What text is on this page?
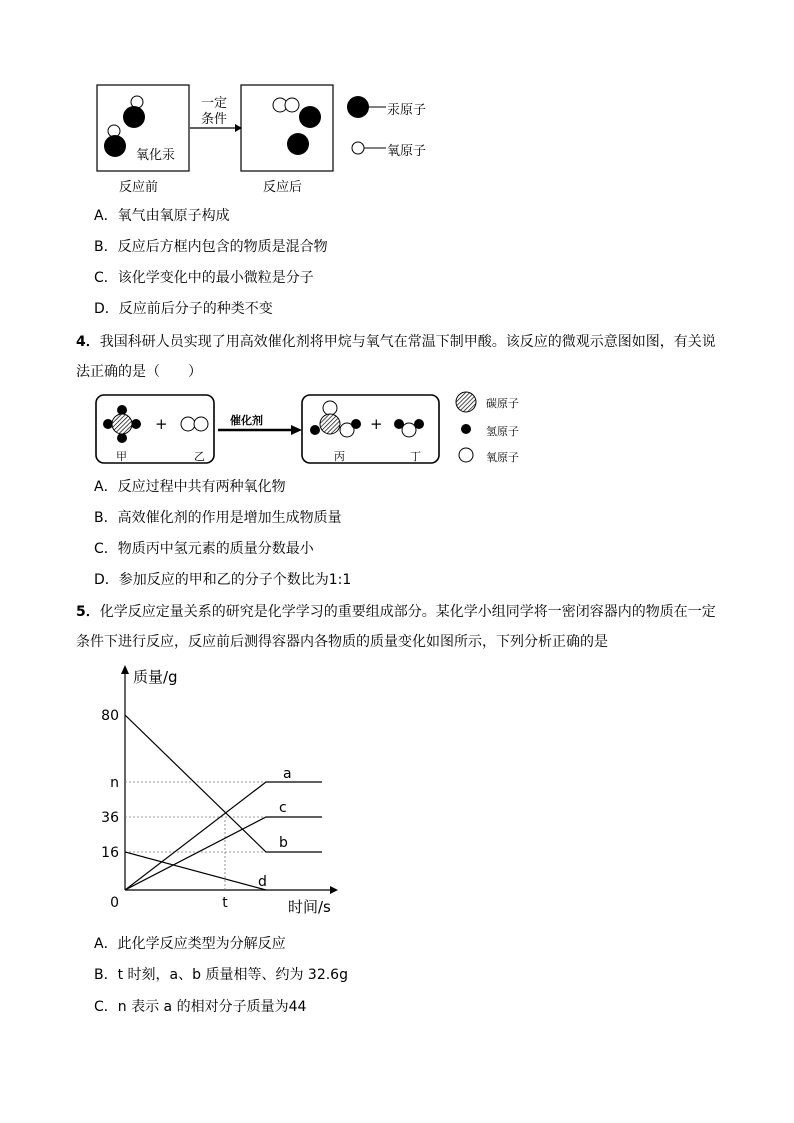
氧化汞
一定
条件
汞原子
氧原子
反应前	反应后
A．氧气由氧原子构成
B．反应后方框内包含的物质是混合物
C．该化学变化中的最小微粒是分子
D．反应前后分子的种类不变
4．我国科研人员实现了用高效催化剂将甲烷与氧气在常温下制甲酸。该反应的微观示意图如图，有关说法正确的是（　　）
催化剂
+	+
甲	乙	丙	丁
碳原子
氢原子
氧原子
A．反应过程中共有两种氧化物
B．高效催化剂的作用是增加生成物质量
C．物质丙中氢元素的质量分数最小
D．参加反应的甲和乙的分子个数比为1:1
5．化学反应定量关系的研究是化学学习的重要组成部分。某化学小组同学将一密闭容器内的物质在一定条件下进行反应，反应前后测得容器内各物质的质量变化如图所示，下列分析正确的是
80
n
36
16
0	t
质量/g
时间/s
a
b
c
d
A．此化学反应类型为分解反应
B．t 时刻，a、b 质量相等、约为 32.6g
C．n 表示 a 的相对分子质量为44
